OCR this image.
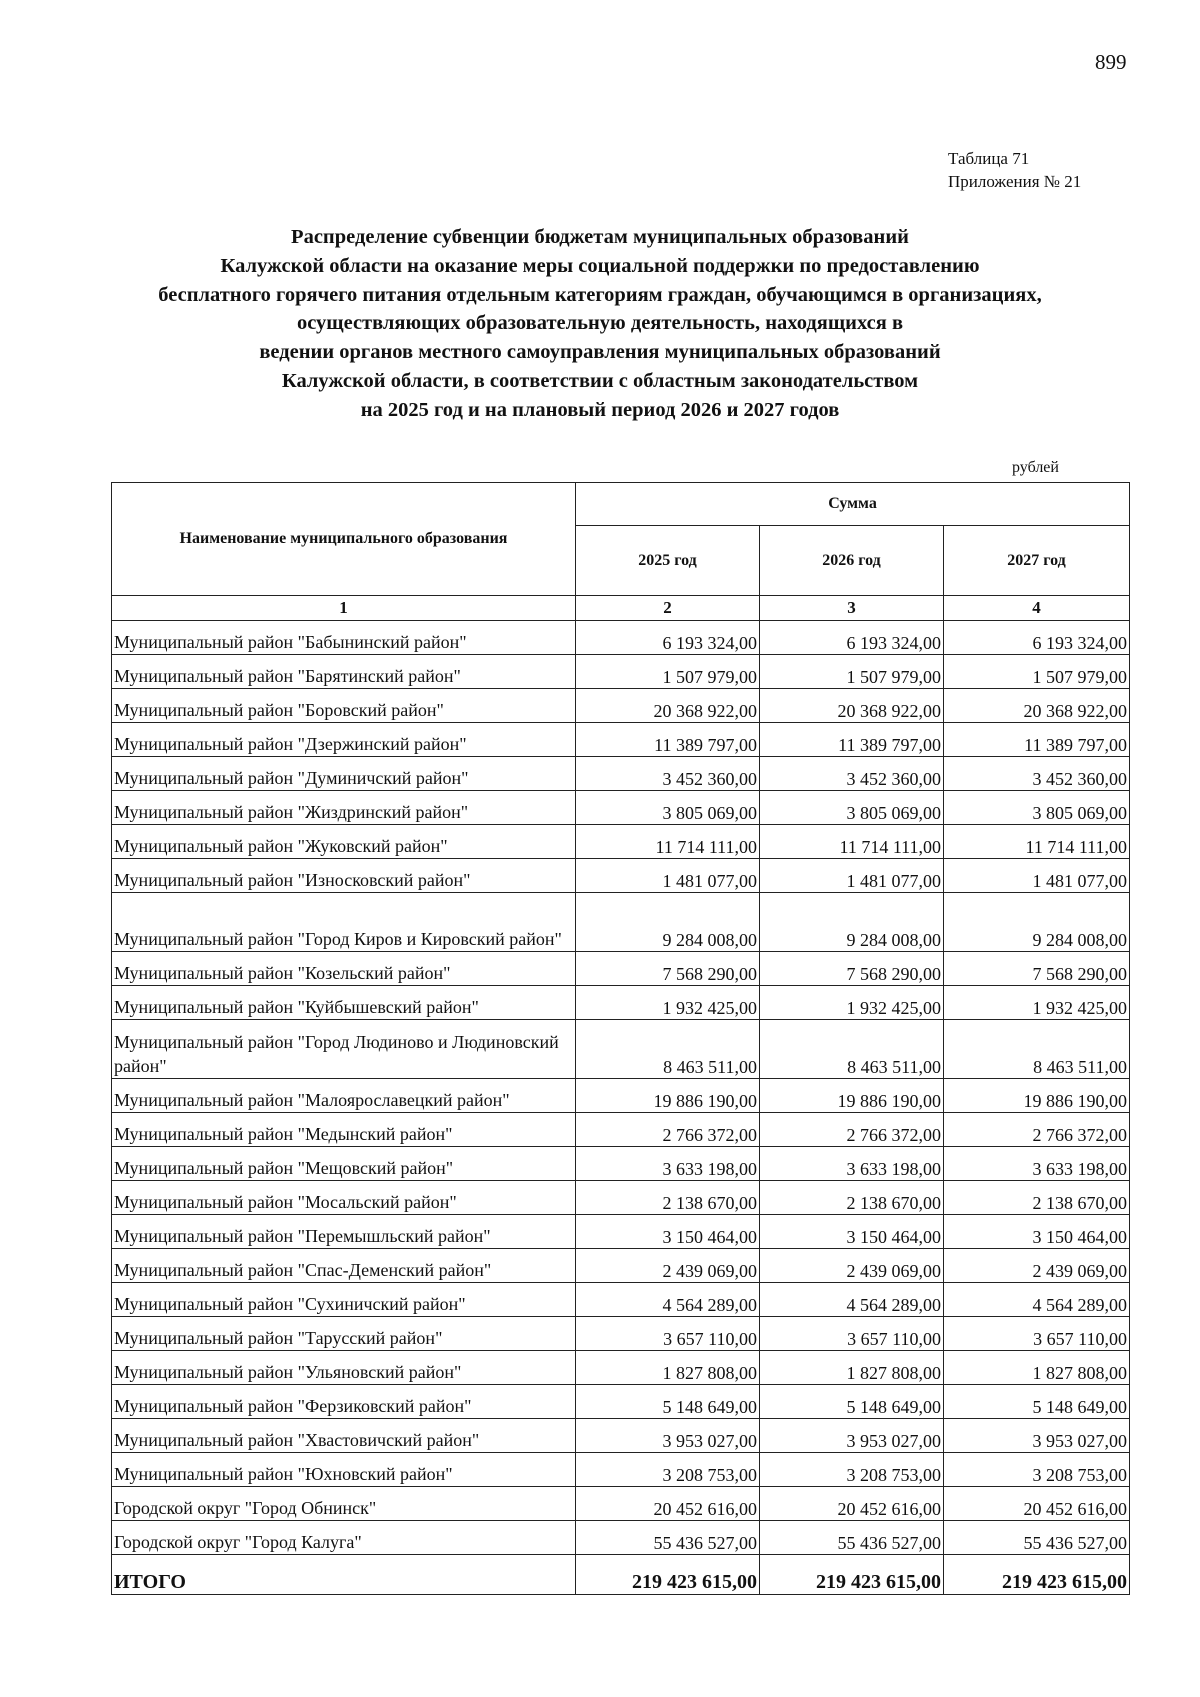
899
Таблица 71
Приложения № 21
Распределение субвенции бюджетам муниципальных образований
Калужской области на оказание меры социальной поддержки по предоставлению
бесплатного горячего питания отдельным категориям граждан, обучающимся в организациях,
осуществляющих образовательную деятельность, находящихся в
ведении органов местного самоуправления муниципальных образований
Калужской области, в соответствии с областным законодательством
на 2025 год и на плановый период 2026 и 2027 годов
рублей
Наименование муниципального образования	Сумма		
	2025 год	2026 год	2027 год
1	2	3	4
Муниципальный район "Бабынинский район"	6 193 324,00	6 193 324,00	6 193 324,00
Муниципальный район "Барятинский район"	1 507 979,00	1 507 979,00	1 507 979,00
Муниципальный район "Боровский район"	20 368 922,00	20 368 922,00	20 368 922,00
Муниципальный район "Дзержинский район"	11 389 797,00	11 389 797,00	11 389 797,00
Муниципальный район "Думиничский район"	3 452 360,00	3 452 360,00	3 452 360,00
Муниципальный район "Жиздринский район"	3 805 069,00	3 805 069,00	3 805 069,00
Муниципальный район "Жуковский район"	11 714 111,00	11 714 111,00	11 714 111,00
Муниципальный район "Износковский район"	1 481 077,00	1 481 077,00	1 481 077,00
Муниципальный район "Город Киров и Кировский район"	9 284 008,00	9 284 008,00	9 284 008,00
Муниципальный район "Козельский район"	7 568 290,00	7 568 290,00	7 568 290,00
Муниципальный район "Куйбышевский район"	1 932 425,00	1 932 425,00	1 932 425,00
Муниципальный район "Город Людиново и Людиновский район"	8 463 511,00	8 463 511,00	8 463 511,00
Муниципальный район "Малоярославецкий район"	19 886 190,00	19 886 190,00	19 886 190,00
Муниципальный район "Медынский район"	2 766 372,00	2 766 372,00	2 766 372,00
Муниципальный район "Мещовский район"	3 633 198,00	3 633 198,00	3 633 198,00
Муниципальный район "Мосальский район"	2 138 670,00	2 138 670,00	2 138 670,00
Муниципальный район "Перемышльский район"	3 150 464,00	3 150 464,00	3 150 464,00
Муниципальный район "Спас-Деменский район"	2 439 069,00	2 439 069,00	2 439 069,00
Муниципальный район "Сухиничский район"	4 564 289,00	4 564 289,00	4 564 289,00
Муниципальный район "Тарусский район"	3 657 110,00	3 657 110,00	3 657 110,00
Муниципальный район "Ульяновский район"	1 827 808,00	1 827 808,00	1 827 808,00
Муниципальный район "Ферзиковский район"	5 148 649,00	5 148 649,00	5 148 649,00
Муниципальный район "Хвастовичский район"	3 953 027,00	3 953 027,00	3 953 027,00
Муниципальный район "Юхновский район"	3 208 753,00	3 208 753,00	3 208 753,00
Городской округ "Город Обнинск"	20 452 616,00	20 452 616,00	20 452 616,00
Городской округ "Город Калуга"	55 436 527,00	55 436 527,00	55 436 527,00
ИТОГО	219 423 615,00	219 423 615,00	219 423 615,00
